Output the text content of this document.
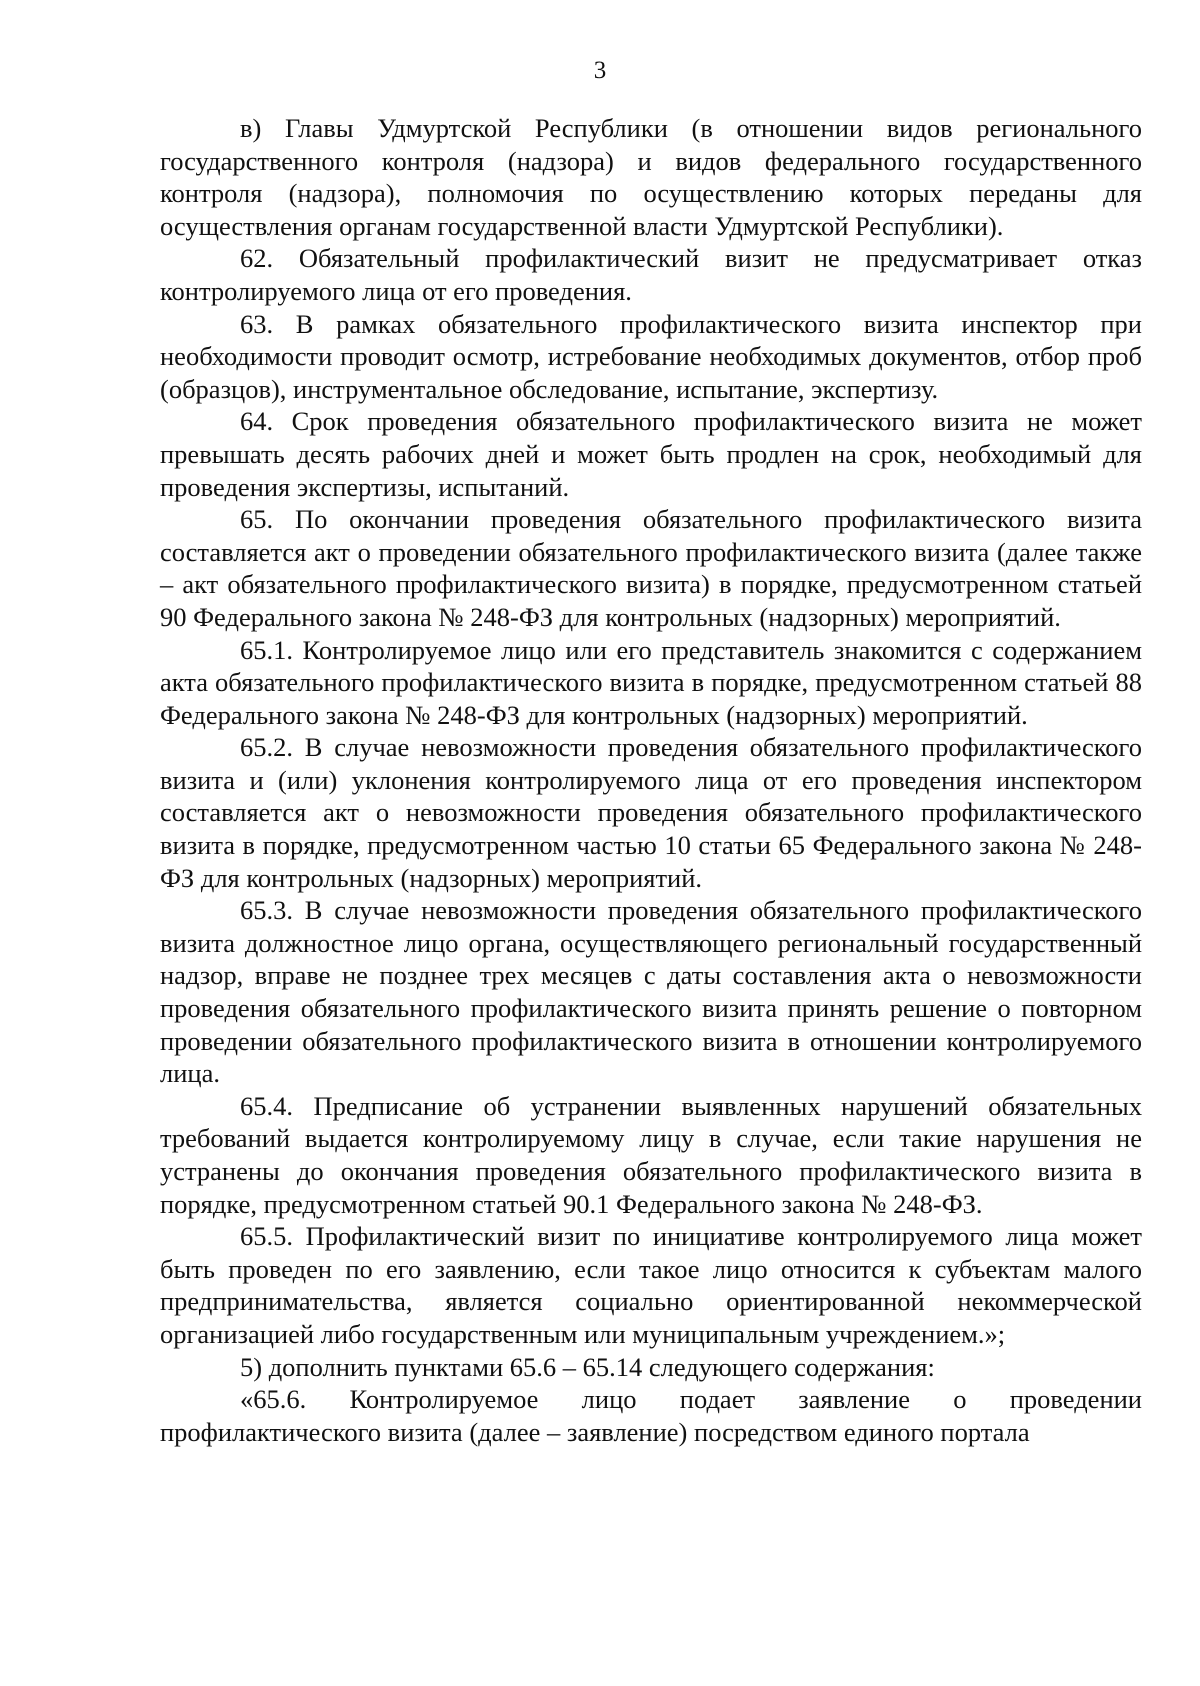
3

в) Главы Удмуртской Республики (в отношении видов регионального государственного контроля (надзора) и видов федерального государственного контроля (надзора), полномочия по осуществлению которых переданы для осуществления органам государственной власти Удмуртской Республики).

62. Обязательный профилактический визит не предусматривает отказ контролируемого лица от его проведения.

63. В рамках обязательного профилактического визита инспектор при необходимости проводит осмотр, истребование необходимых документов, отбор проб (образцов), инструментальное обследование, испытание, экспертизу.

64. Срок проведения обязательного профилактического визита не может превышать десять рабочих дней и может быть продлен на срок, необходимый для проведения экспертизы, испытаний.

65. По окончании проведения обязательного профилактического визита составляется акт о проведении обязательного профилактического визита (далее также – акт обязательного профилактического визита) в порядке, предусмотренном статьей 90 Федерального закона № 248-ФЗ для контрольных (надзорных) мероприятий.

65.1. Контролируемое лицо или его представитель знакомится с содержанием акта обязательного профилактического визита в порядке, предусмотренном статьей 88 Федерального закона № 248-ФЗ для контрольных (надзорных) мероприятий.

65.2. В случае невозможности проведения обязательного профилактического визита и (или) уклонения контролируемого лица от его проведения инспектором составляется акт о невозможности проведения обязательного профилактического визита в порядке, предусмотренном частью 10 статьи 65 Федерального закона № 248-ФЗ для контрольных (надзорных) мероприятий.

65.3. В случае невозможности проведения обязательного профилактического визита должностное лицо органа, осуществляющего региональный государственный надзор, вправе не позднее трех месяцев с даты составления акта о невозможности проведения обязательного профилактического визита принять решение о повторном проведении обязательного профилактического визита в отношении контролируемого лица.

65.4. Предписание об устранении выявленных нарушений обязательных требований выдается контролируемому лицу в случае, если такие нарушения не устранены до окончания проведения обязательного профилактического визита в порядке, предусмотренном статьей 90.1 Федерального закона № 248-ФЗ.

65.5. Профилактический визит по инициативе контролируемого лица может быть проведен по его заявлению, если такое лицо относится к субъектам малого предпринимательства, является социально ориентированной некоммерческой организацией либо государственным или муниципальным учреждением.»;

5) дополнить пунктами 65.6 – 65.14 следующего содержания:

«65.6. Контролируемое лицо подает заявление о проведении профилактического визита (далее – заявление) посредством единого портала
